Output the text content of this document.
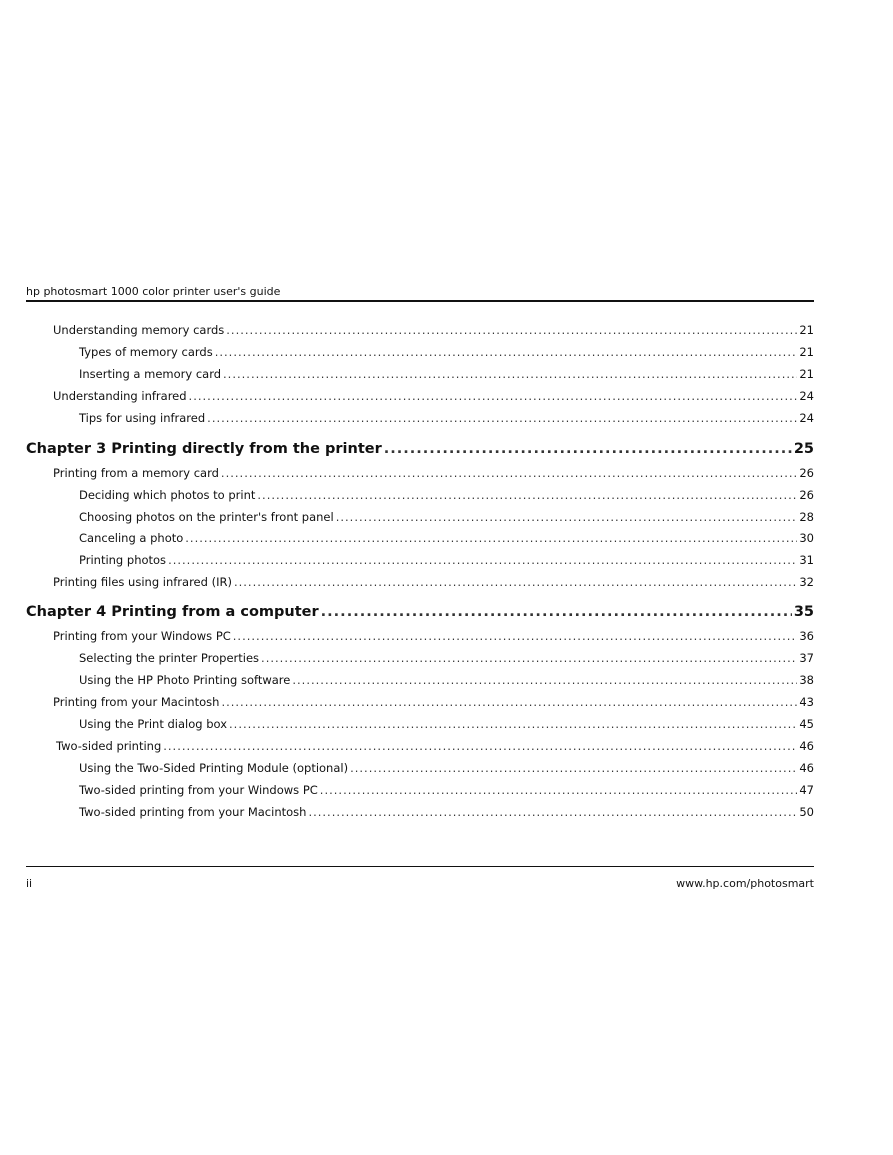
hp photosmart 1000 color printer user's guide
Understanding memory cards .....	21
Types of memory cards .....	21
Inserting a memory card .....	21
Understanding infrared .....	24
Tips for using infrared .....	24
Chapter 3 Printing directly from the printer .....	25
Printing from a memory card .....	26
Deciding which photos to print .....	26
Choosing photos on the printer's front panel .....	28
Canceling a photo .....	30
Printing photos .....	31
Printing files using infrared (IR) .....	32
Chapter 4 Printing from a computer .....	35
Printing from your Windows PC .....	36
Selecting the printer Properties .....	37
Using the HP Photo Printing software .....	38
Printing from your Macintosh .....	43
Using the Print dialog box .....	45
Two-sided printing .....	46
Using the Two-Sided Printing Module (optional) .....	46
Two-sided printing from your Windows PC .....	47
Two-sided printing from your Macintosh .....	50
ii	www.hp.com/photosmart
